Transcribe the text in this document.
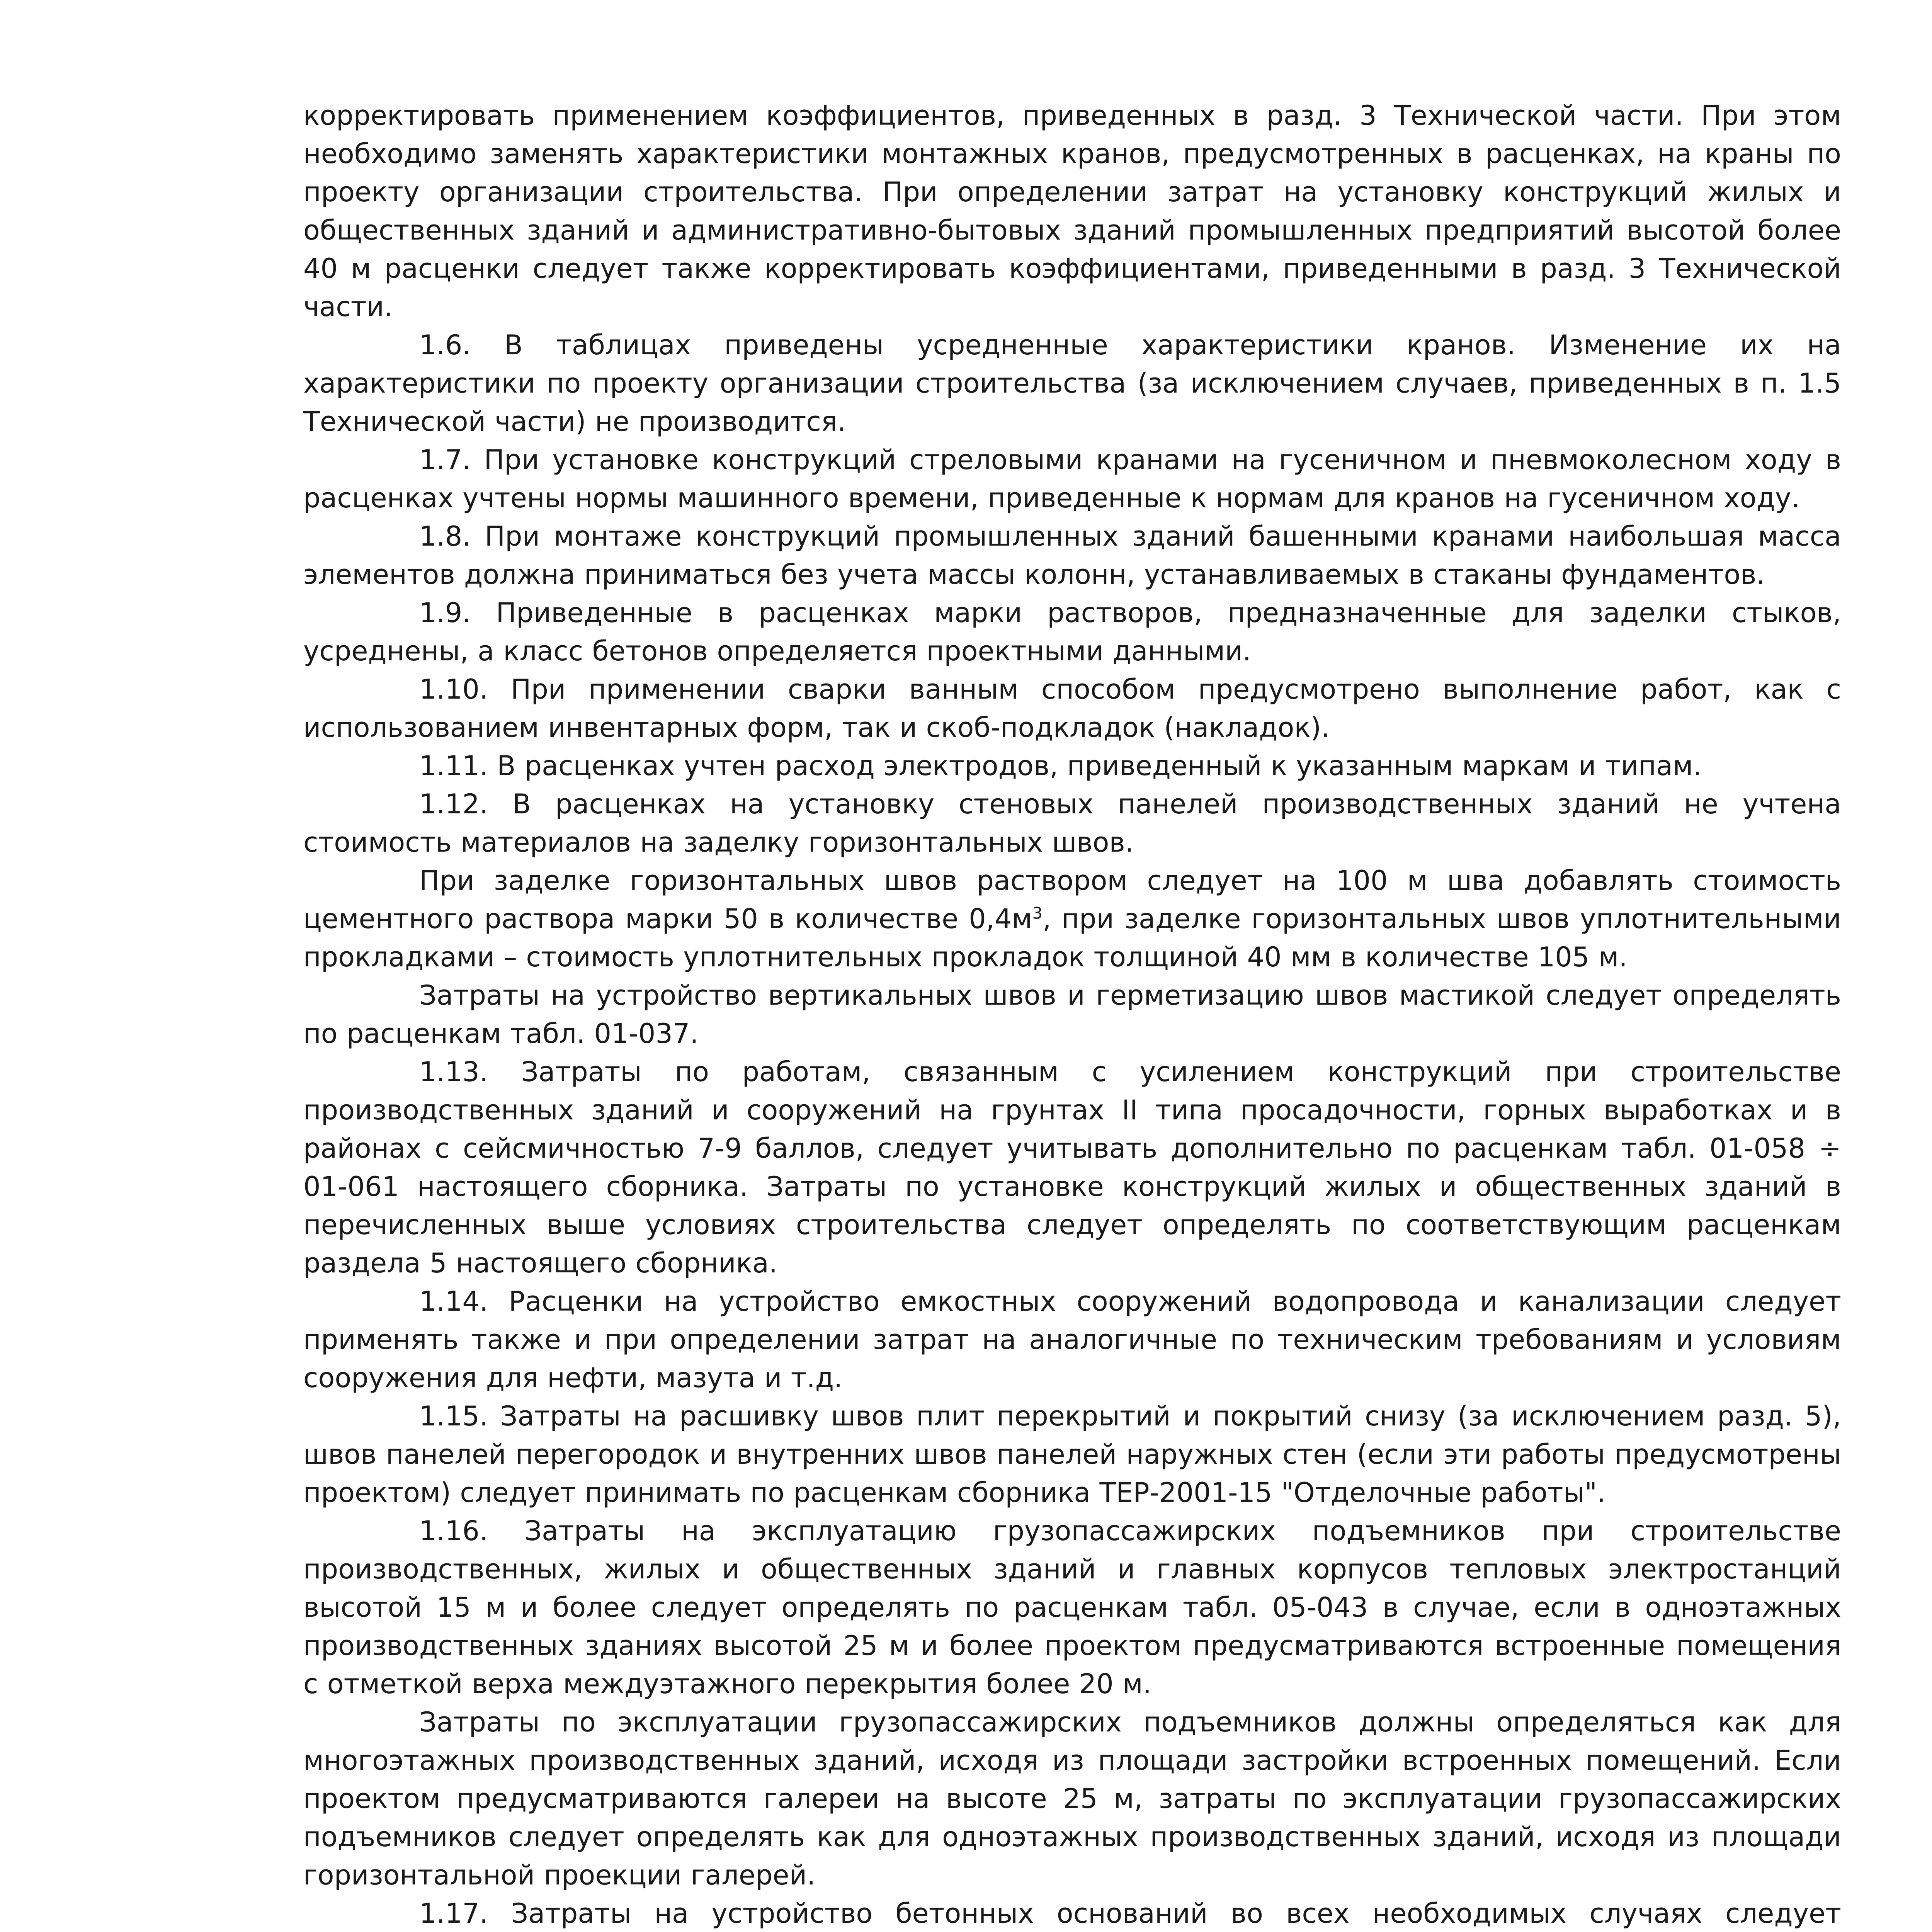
корректировать применением коэффициентов, приведенных в разд. 3 Технической части. При этом необходимо заменять характеристики монтажных кранов, предусмотренных в расценках, на краны по проекту организации строительства. При определении затрат на установку конструкций жилых и общественных зданий и административно-бытовых зданий промышленных предприятий высотой более 40 м расценки следует также корректировать коэффициентами, приведенными в разд. 3 Технической части.

1.6. В таблицах приведены усредненные характеристики кранов. Изменение их на характеристики по проекту организации строительства (за исключением случаев, приведенных в п. 1.5 Технической части) не производится.

1.7. При установке конструкций стреловыми кранами на гусеничном и пневмоколесном ходу в расценках учтены нормы машинного времени, приведенные к нормам для кранов на гусеничном ходу.

1.8. При монтаже конструкций промышленных зданий башенными кранами наибольшая масса элементов должна приниматься без учета массы колонн, устанавливаемых в стаканы фундаментов.

1.9. Приведенные в расценках марки растворов, предназначенные для заделки стыков, усреднены, а класс бетонов определяется проектными данными.

1.10. При применении сварки ванным способом предусмотрено выполнение работ, как с использованием инвентарных форм, так и скоб-подкладок (накладок).

1.11. В расценках учтен расход электродов, приведенный к указанным маркам и типам.

1.12. В расценках на установку стеновых панелей производственных зданий не учтена стоимость материалов на заделку горизонтальных швов.

При заделке горизонтальных швов раствором следует на 100 м шва добавлять стоимость цементного раствора марки 50 в количестве $0,4м^3$, при заделке горизонтальных швов уплотнительными прокладками – стоимость уплотнительных прокладок толщиной 40 мм в количестве 105 м.

Затраты на устройство вертикальных швов и герметизацию швов мастикой следует определять по расценкам табл. 01-037.

1.13. Затраты по работам, связанным с усилением конструкций при строительстве производственных зданий и сооружений на грунтах II типа просадочности, горных выработках и в районах с сейсмичностью 7-9 баллов, следует учитывать дополнительно по расценкам табл. 01-058 ÷ 01-061 настоящего сборника. Затраты по установке конструкций жилых и общественных зданий в перечисленных выше условиях строительства следует определять по соответствующим расценкам раздела 5 настоящего сборника.

1.14. Расценки на устройство емкостных сооружений водопровода и канализации следует применять также и при определении затрат на аналогичные по техническим требованиям и условиям сооружения для нефти, мазута и т.д.

1.15. Затраты на расшивку швов плит перекрытий и покрытий снизу (за исключением разд. 5), швов панелей перегородок и внутренних швов панелей наружных стен (если эти работы предусмотрены проектом) следует принимать по расценкам сборника ТЕР-2001-15 "Отделочные работы".

1.16. Затраты на эксплуатацию грузопассажирских подъемников при строительстве производственных, жилых и общественных зданий и главных корпусов тепловых электростанций высотой 15 м и более следует определять по расценкам табл. 05-043 в случае, если в одноэтажных производственных зданиях высотой 25 м и более проектом предусматриваются встроенные помещения с отметкой верха междуэтажного перекрытия более 20 м.

Затраты по эксплуатации грузопассажирских подъемников должны определяться как для многоэтажных производственных зданий, исходя из площади застройки встроенных помещений. Если проектом предусматриваются галереи на высоте 25 м, затраты по эксплуатации грузопассажирских подъемников следует определять как для одноэтажных производственных зданий, исходя из площади горизонтальной проекции галерей.

1.17. Затраты на устройство бетонных оснований во всех необходимых случаях следует
